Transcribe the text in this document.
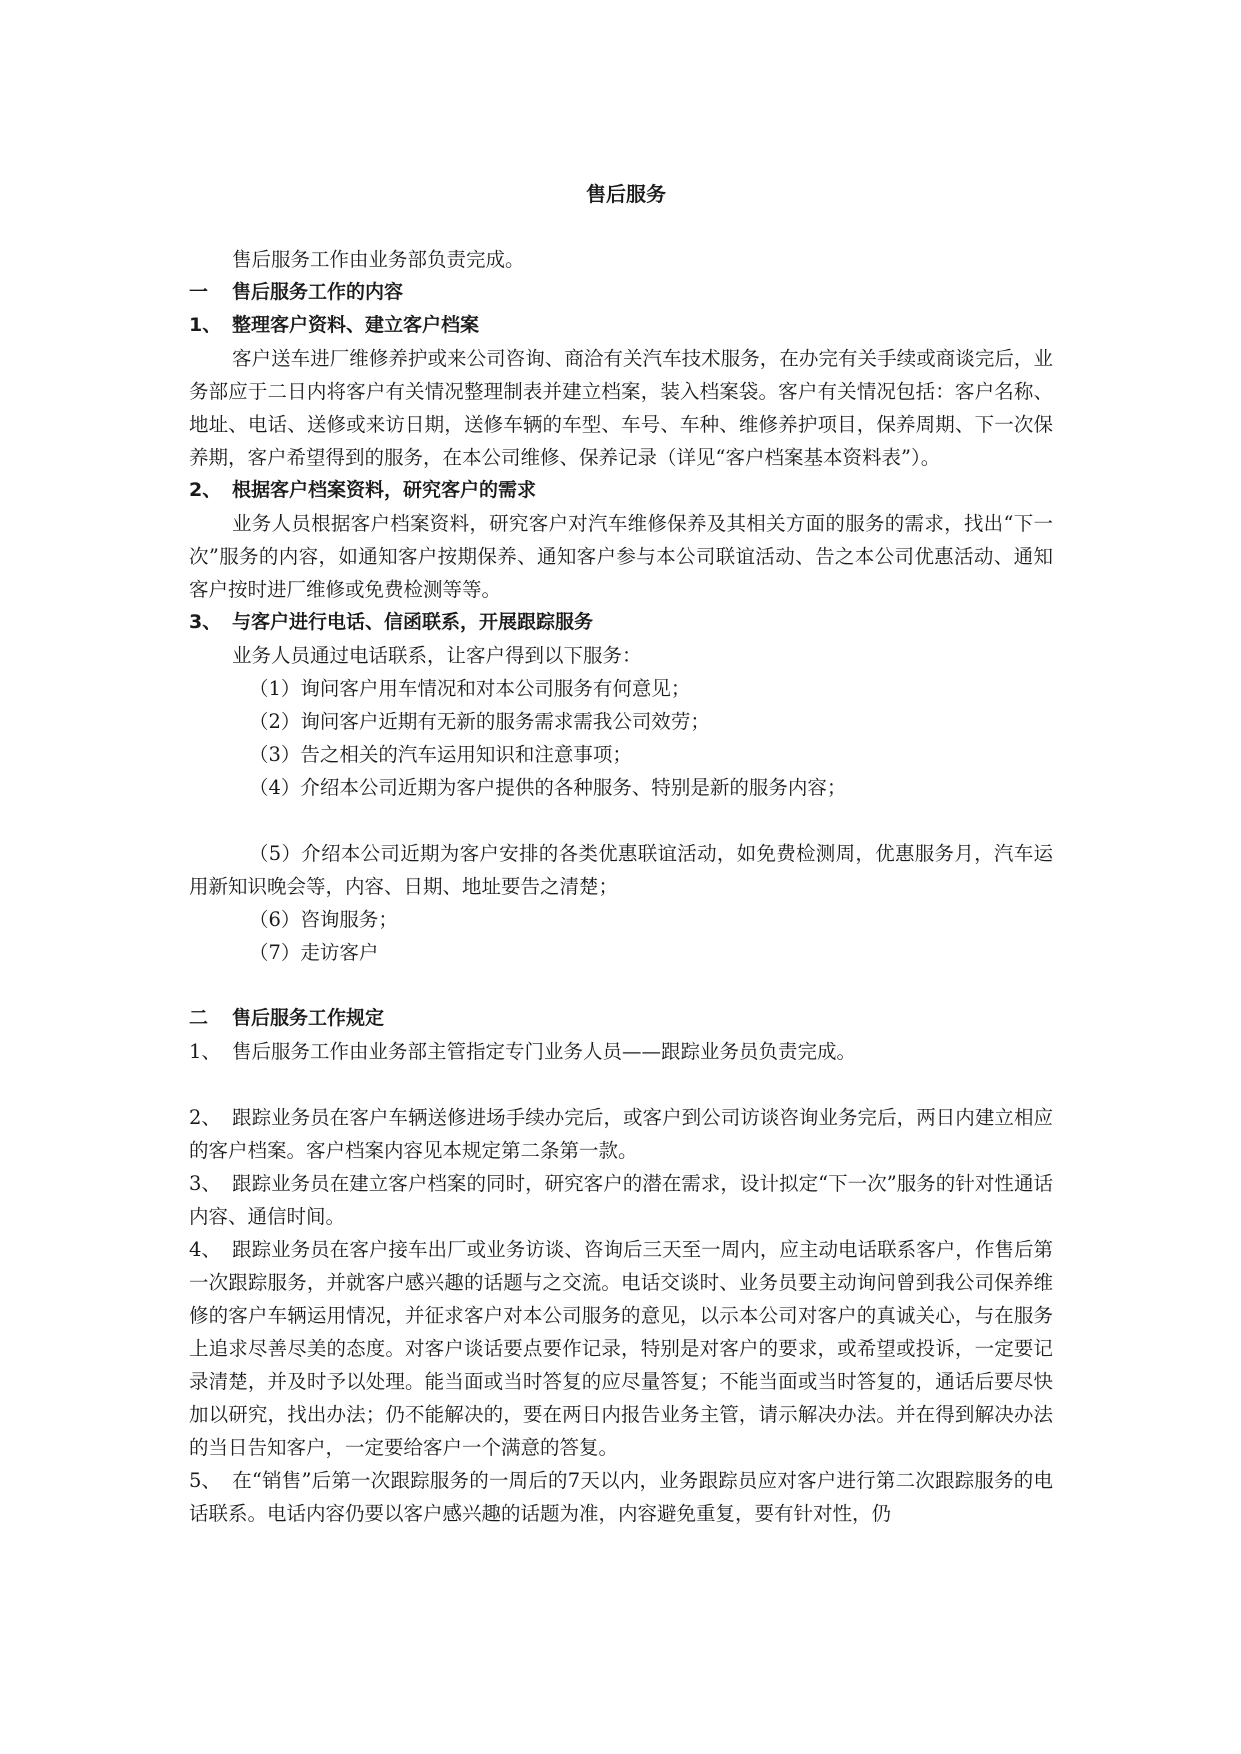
售后服务

售后服务工作由业务部负责完成。

一 售后服务工作的内容
1、 整理客户资料、建立客户档案

客户送车进厂维修养护或来公司咨询、商洽有关汽车技术服务，在办完有关手续或商谈完后，业务部应于二日内将客户有关情况整理制表并建立档案，装入档案袋。客户有关情况包括：客户名称、地址、电话、送修或来访日期，送修车辆的车型、车号、车种、维修养护项目，保养周期、下一次保养期，客户希望得到的服务，在本公司维修、保养记录（详见“客户档案基本资料表”）。

2、 根据客户档案资料，研究客户的需求

业务人员根据客户档案资料，研究客户对汽车维修保养及其相关方面的服务的需求，找出“下一次”服务的内容，如通知客户按期保养、通知客户参与本公司联谊活动、告之本公司优惠活动、通知客户按时进厂维修或免费检测等等。

3、 与客户进行电话、信函联系，开展跟踪服务

业务人员通过电话联系，让客户得到以下服务：

（1）询问客户用车情况和对本公司服务有何意见；

（2）询问客户近期有无新的服务需求需我公司效劳；

（3）告之相关的汽车运用知识和注意事项；

（4）介绍本公司近期为客户提供的各种服务、特别是新的服务内容；

（5）介绍本公司近期为客户安排的各类优惠联谊活动，如免费检测周，优惠服务月，汽车运用新知识晚会等，内容、日期、地址要告之清楚；

（6）咨询服务；

（7）走访客户

二 售后服务工作规定

1、 售后服务工作由业务部主管指定专门业务人员——跟踪业务员负责完成。

2、 跟踪业务员在客户车辆送修进场手续办完后，或客户到公司访谈咨询业务完后，两日内建立相应的客户档案。客户档案内容见本规定第二条第一款。

3、 跟踪业务员在建立客户档案的同时，研究客户的潜在需求，设计拟定“下一次”服务的针对性通话内容、通信时间。

4、 跟踪业务员在客户接车出厂或业务访谈、咨询后三天至一周内，应主动电话联系客户，作售后第一次跟踪服务，并就客户感兴趣的话题与之交流。电话交谈时、业务员要主动询问曾到我公司保养维修的客户车辆运用情况，并征求客户对本公司服务的意见，以示本公司对客户的真诚关心，与在服务上追求尽善尽美的态度。对客户谈话要点要作记录，特别是对客户的要求，或希望或投诉，一定要记录清楚，并及时予以处理。能当面或当时答复的应尽量答复；不能当面或当时答复的，通话后要尽快加以研究，找出办法；仍不能解决的，要在两日内报告业务主管，请示解决办法。并在得到解决办法的当日告知客户，一定要给客户一个满意的答复。

5、 在“销售”后第一次跟踪服务的一周后的7天以内，业务跟踪员应对客户进行第二次跟踪服务的电话联系。电话内容仍要以客户感兴趣的话题为准，内容避免重复，要有针对性，仍
